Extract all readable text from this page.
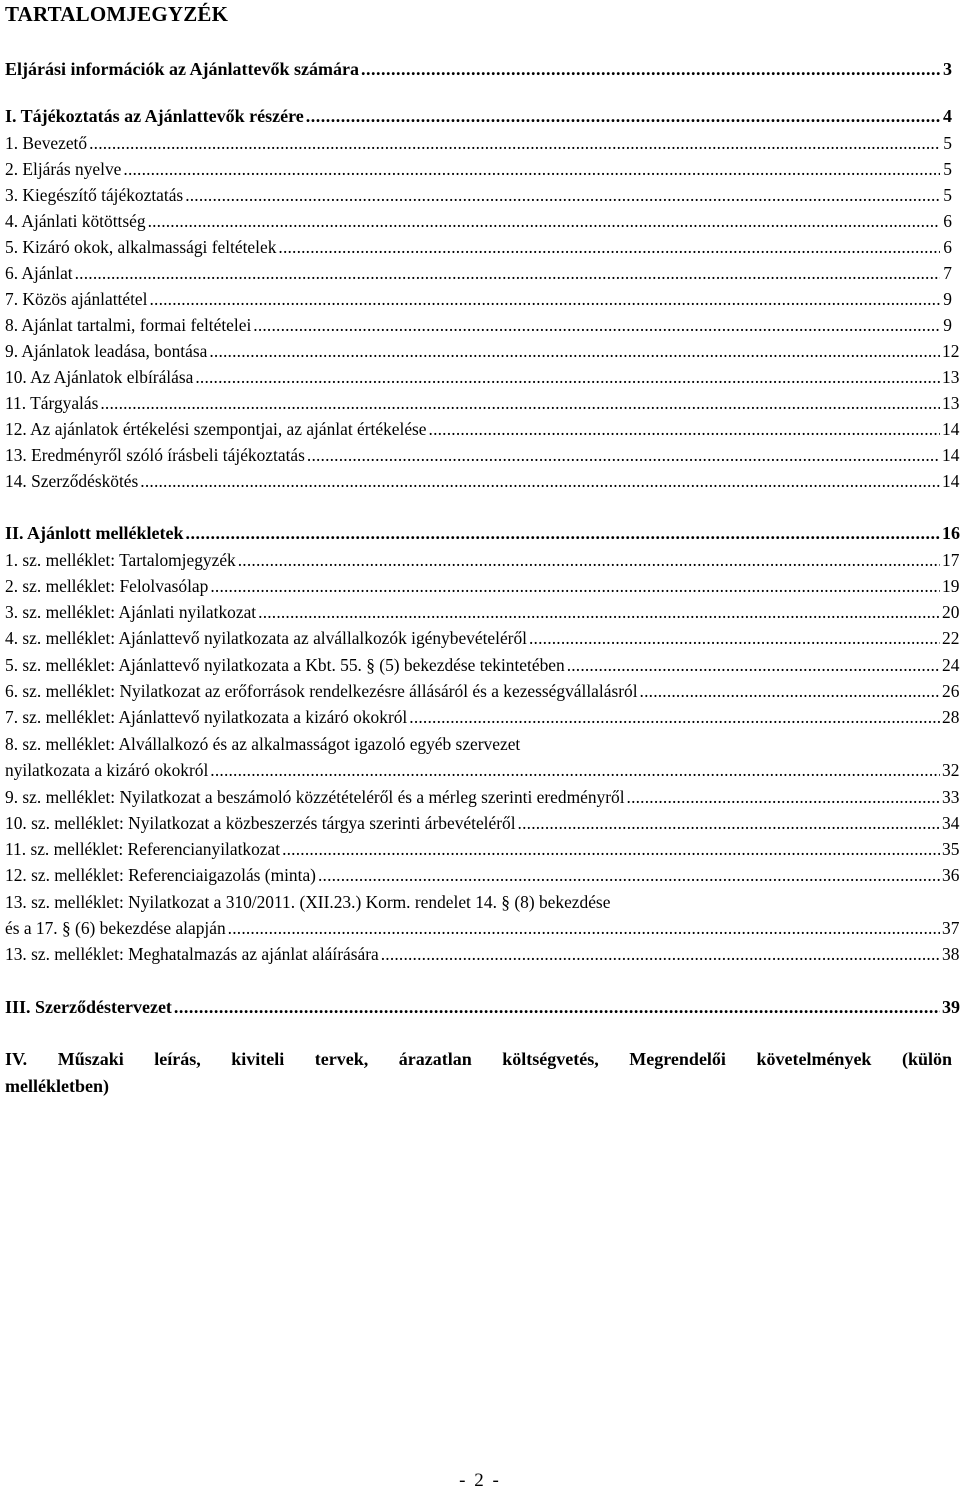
TARTALOMJEGYZÉK
Eljárási információk az Ajánlattevők számára .....	3
I. Tájékoztatás az Ajánlattevők részére .....	4
1. Bevezető .....	5
2. Eljárás nyelve .....	5
3. Kiegészítő tájékoztatás .....	5
4. Ajánlati kötöttség .....	6
5. Kizáró okok, alkalmassági feltételek .....	6
6. Ajánlat .....	7
7. Közös ajánlattétel .....	9
8. Ajánlat tartalmi, formai feltételei .....	9
9. Ajánlatok leadása, bontása .....	12
10. Az Ajánlatok elbírálása .....	13
11. Tárgyalás .....	13
12. Az ajánlatok értékelési szempontjai, az ajánlat értékelése .....	14
13. Eredményről szóló írásbeli tájékoztatás .....	14
14. Szerződéskötés .....	14
II. Ajánlott mellékletek .....	16
1. sz. melléklet: Tartalomjegyzék .....	17
2. sz. melléklet: Felolvasólap .....	19
3. sz. melléklet: Ajánlati nyilatkozat .....	20
4. sz. melléklet: Ajánlattevő nyilatkozata az alvállalkozók igénybevételéről .....	22
5. sz. melléklet: Ajánlattevő nyilatkozata a Kbt. 55. § (5) bekezdése tekintetében .....	24
6. sz. melléklet: Nyilatkozat az erőforrások rendelkezésre állásáról és a kezességvállalásról .....	26
7. sz. melléklet: Ajánlattevő nyilatkozata a kizáró okokról .....	28
8. sz. melléklet: Alvállalkozó és az alkalmasságot igazoló egyéb szervezet
nyilatkozata a kizáró okokról .....	32
9. sz. melléklet: Nyilatkozat a beszámoló közzétételéről és a mérleg szerinti eredményről .....	33
10. sz. melléklet: Nyilatkozat a közbeszerzés tárgya szerinti árbevételéről .....	34
11. sz. melléklet: Referencianyilatkozat .....	35
12. sz. melléklet: Referenciaigazolás (minta) .....	36
13. sz. melléklet: Nyilatkozat a 310/2011. (XII.23.) Korm. rendelet 14. § (8) bekezdése
és a 17. § (6) bekezdése alapján .....	37
13. sz. melléklet: Meghatalmazás az ajánlat aláírására .....	38
III. Szerződéstervezet .....	39
IV. Műszaki leírás, kiviteli tervek, árazatlan költségvetés, Megrendelői követelmények (külön
mellékletben)
- 2 -
